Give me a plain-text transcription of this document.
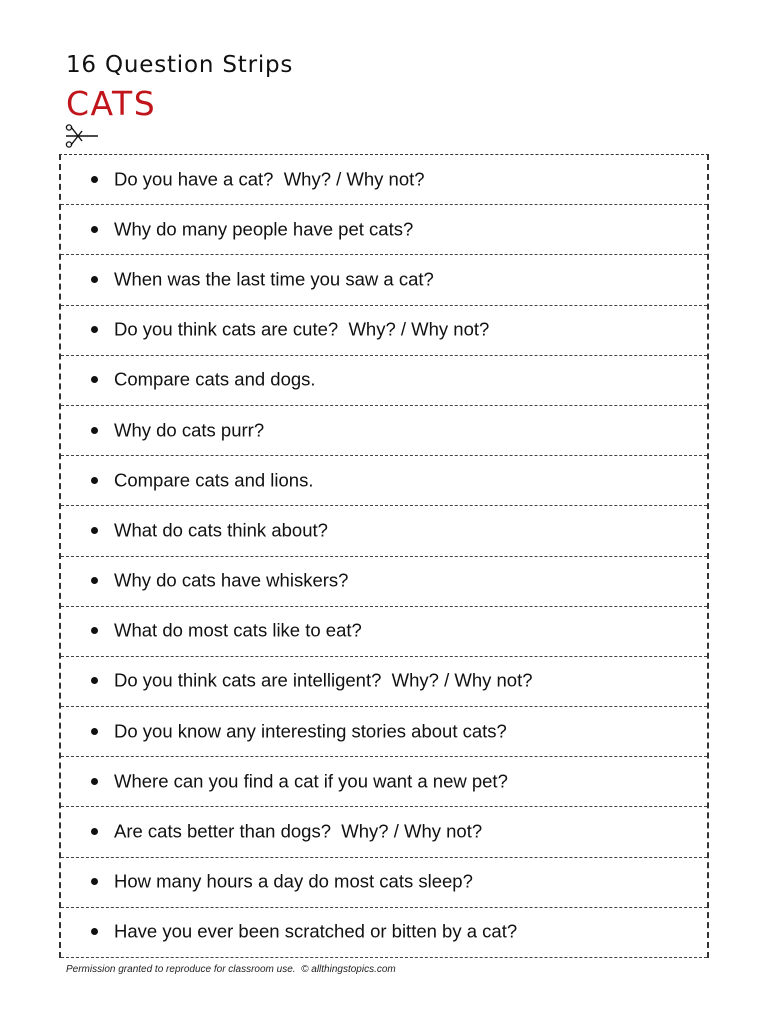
16 Question Strips
CATS
Do you have a cat?  Why? / Why not?
Why do many people have pet cats?
When was the last time you saw a cat?
Do you think cats are cute?  Why? / Why not?
Compare cats and dogs.
Why do cats purr?
Compare cats and lions.
What do cats think about?
Why do cats have whiskers?
What do most cats like to eat?
Do you think cats are intelligent?  Why? / Why not?
Do you know any interesting stories about cats?
Where can you find a cat if you want a new pet?
Are cats better than dogs?  Why? / Why not?
How many hours a day do most cats sleep?
Have you ever been scratched or bitten by a cat?
Permission granted to reproduce for classroom use.  © allthingstopics.com
